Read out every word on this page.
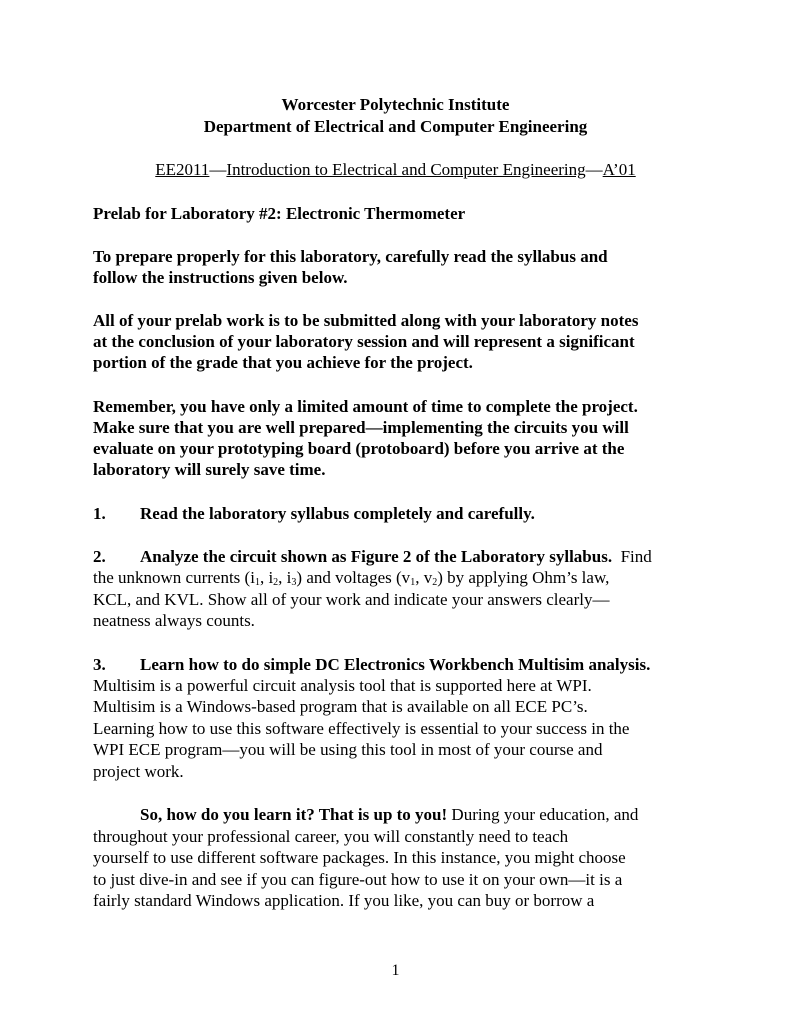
Worcester Polytechnic Institute
Department of Electrical and Computer Engineering
EE2011—Introduction to Electrical and Computer Engineering—A’01
Prelab for Laboratory #2: Electronic Thermometer
To prepare properly for this laboratory, carefully read the syllabus and
follow the instructions given below.
All of your prelab work is to be submitted along with your laboratory notes
at the conclusion of your laboratory session and will represent a significant
portion of the grade that you achieve for the project.
Remember, you have only a limited amount of time to complete the project.
Make sure that you are well prepared—implementing the circuits you will
evaluate on your prototyping board (protoboard) before you arrive at the
laboratory will surely save time.
1. Read the laboratory syllabus completely and carefully.
2. Analyze the circuit shown as Figure 2 of the Laboratory syllabus. Find
the unknown currents ($i_1$, $i_2$, $i_3$) and voltages ($v_1$, $v_2$) by applying Ohm’s law,
KCL, and KVL. Show all of your work and indicate your answers clearly—
neatness always counts.
3. Learn how to do simple DC Electronics Workbench Multisim analysis.
Multisim is a powerful circuit analysis tool that is supported here at WPI.
Multisim is a Windows-based program that is available on all ECE PC’s.
Learning how to use this software effectively is essential to your success in the
WPI ECE program—you will be using this tool in most of your course and
project work.
So, how do you learn it? That is up to you! During your education, and
throughout your professional career, you will constantly need to teach
yourself to use different software packages. In this instance, you might choose
to just dive-in and see if you can figure-out how to use it on your own—it is a
fairly standard Windows application. If you like, you can buy or borrow a
1
